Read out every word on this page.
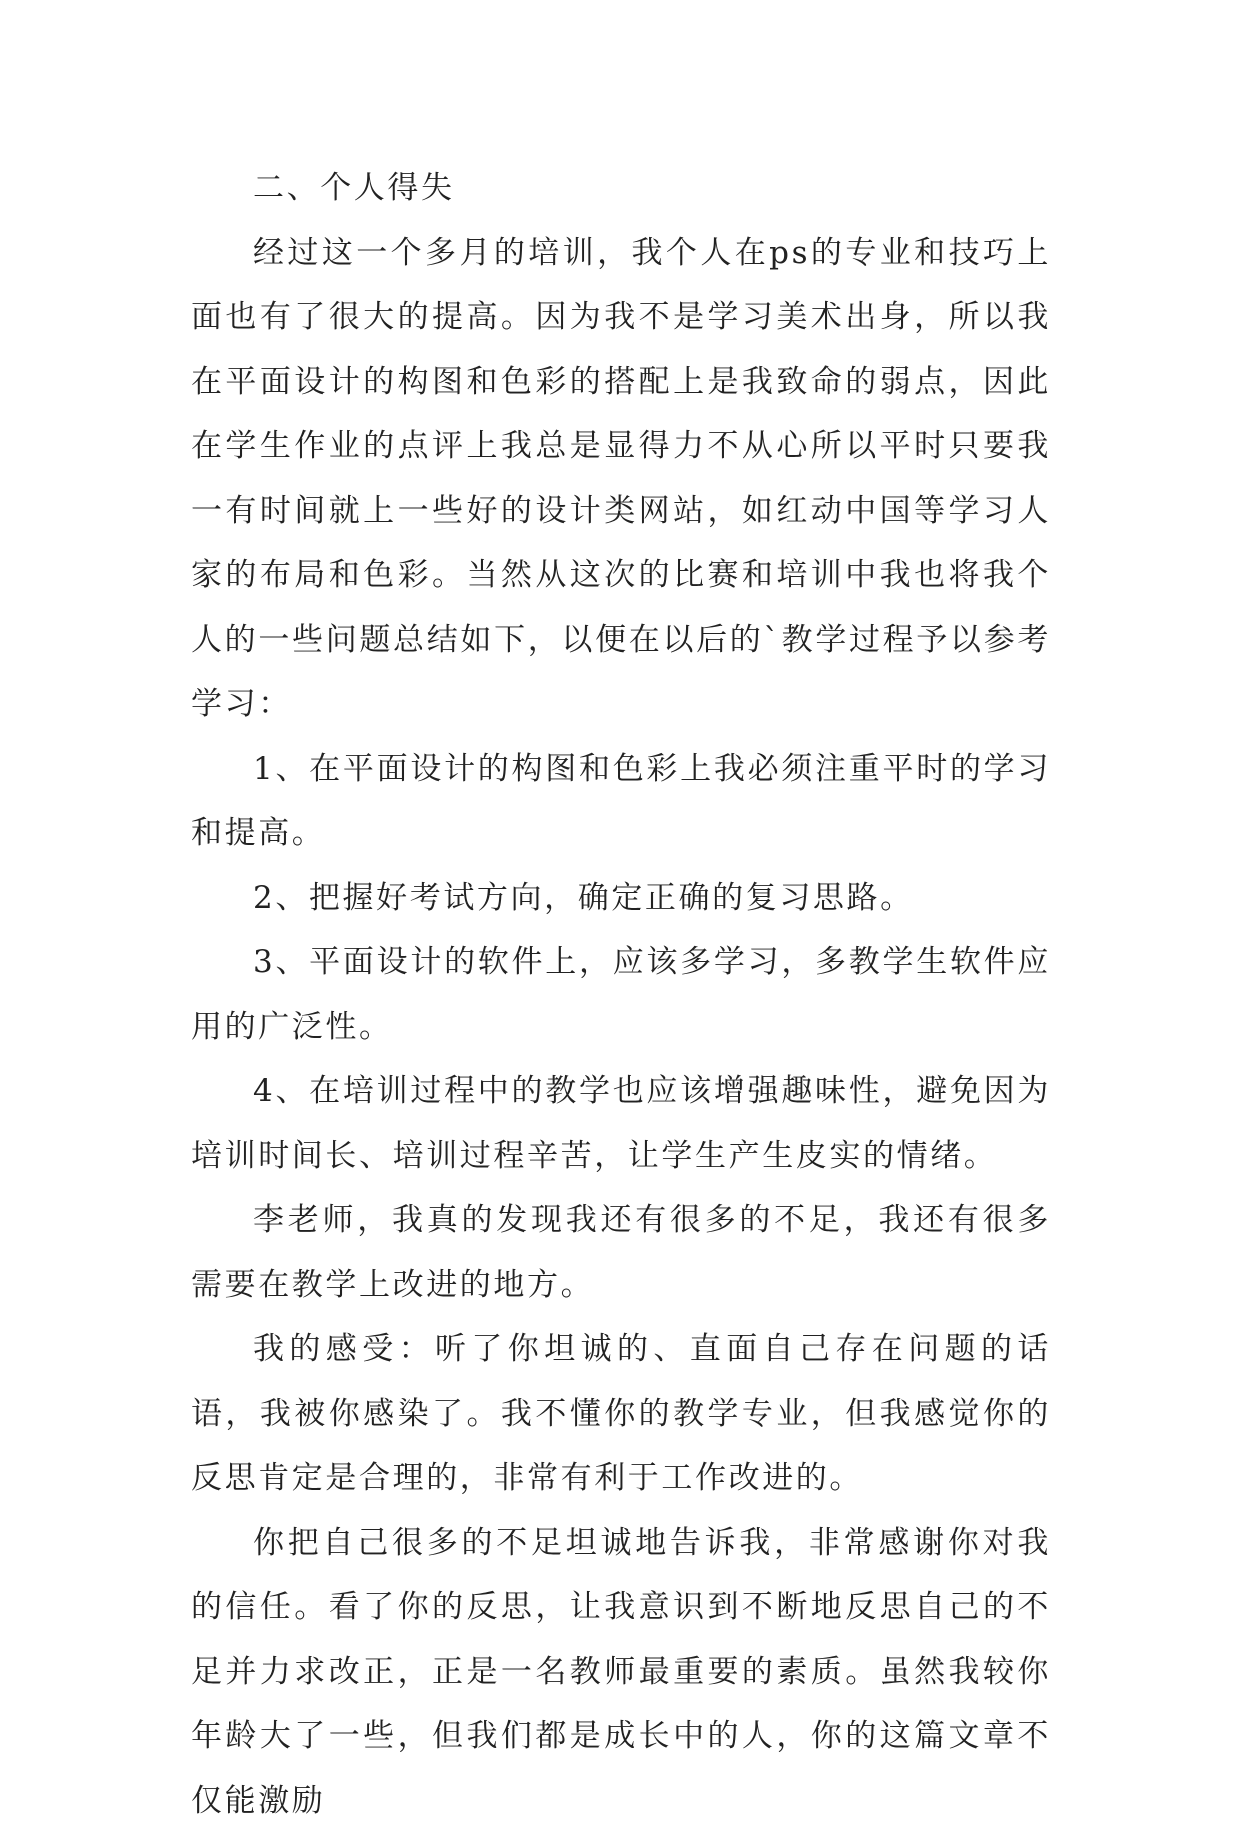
二、个人得失

经过这一个多月的培训，我个人在ps的专业和技巧上面也有了很大的提高。因为我不是学习美术出身，所以我在平面设计的构图和色彩的搭配上是我致命的弱点，因此在学生作业的点评上我总是显得力不从心所以平时只要我一有时间就上一些好的设计类网站，如红动中国等学习人家的布局和色彩。当然从这次的比赛和培训中我也将我个人的一些问题总结如下，以便在以后的`教学过程予以参考学习：

1、在平面设计的构图和色彩上我必须注重平时的学习和提高。

2、把握好考试方向，确定正确的复习思路。

3、平面设计的软件上，应该多学习，多教学生软件应用的广泛性。

4、在培训过程中的教学也应该增强趣味性，避免因为培训时间长、培训过程辛苦，让学生产生皮实的情绪。

李老师，我真的发现我还有很多的不足，我还有很多需要在教学上改进的地方。

我的感受：听了你坦诚的、直面自己存在问题的话语，我被你感染了。我不懂你的教学专业，但我感觉你的反思肯定是合理的，非常有利于工作改进的。

你把自己很多的不足坦诚地告诉我，非常感谢你对我的信任。看了你的反思，让我意识到不断地反思自己的不足并力求改正，正是一名教师最重要的素质。虽然我较你年龄大了一些，但我们都是成长中的人，你的这篇文章不仅能激励
